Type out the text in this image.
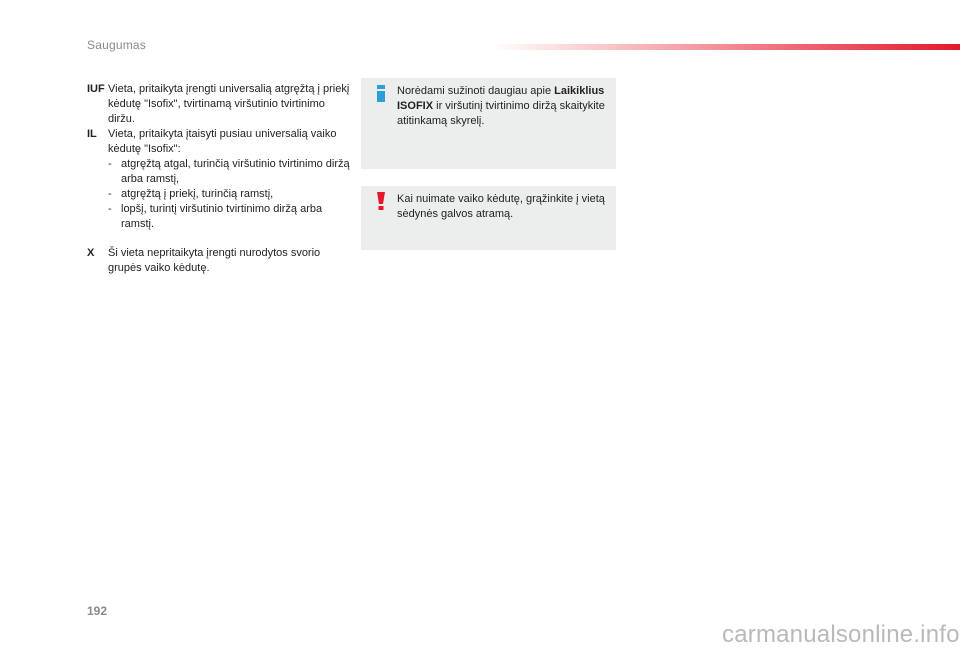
Saugumas
IUF Vieta, pritaikyta įrengti universalią atgręžtą į priekį kėdutę "Isofix", tvirtinamą viršutinio tvirtinimo diržu.
IL Vieta, pritaikyta įtaisyti pusiau universalią vaiko kėdutę "Isofix":
- atgręžtą atgal, turinčią viršutinio tvirtinimo diržą arba ramstį,
- atgręžtą į priekį, turinčią ramstį,
- lopšį, turintį viršutinio tvirtinimo diržą arba ramstį.
X Ši vieta nepritaikyta įrengti nurodytos svorio grupės vaiko kėdutę.
Norėdami sužinoti daugiau apie Laikiklius ISOFIX ir viršutinį tvirtinimo diržą skaitykite atitinkamą skyrelį.
Kai nuimate vaiko kėdutę, grąžinkite į vietą sėdynės galvos atramą.
192
carmanualsonline.info
